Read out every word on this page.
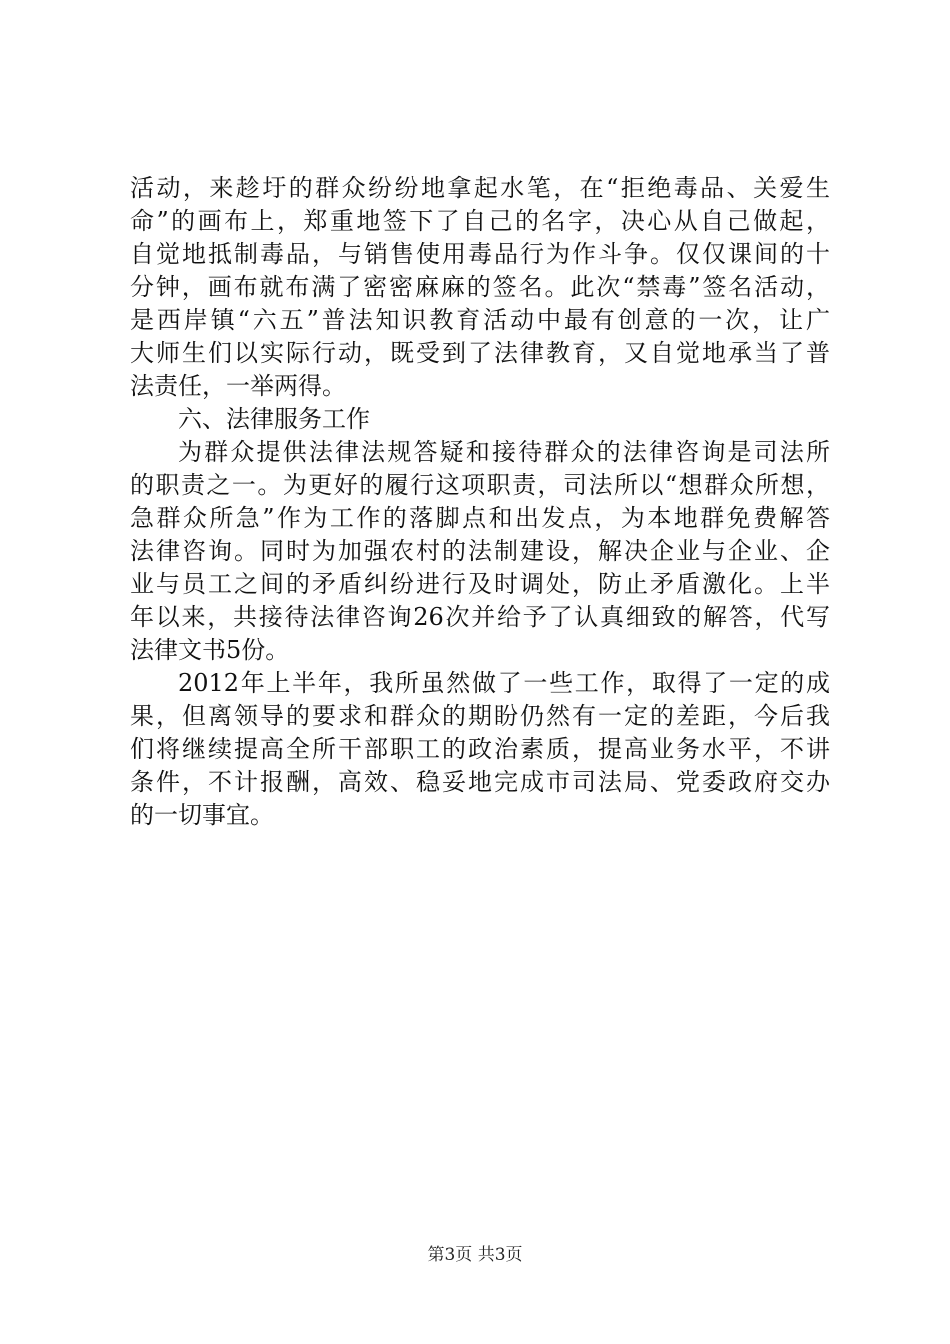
活动，来趁圩的群众纷纷地拿起水笔，在“拒绝毒品、关爱生
命”的画布上，郑重地签下了自己的名字，决心从自己做起，
自觉地抵制毒品，与销售使用毒品行为作斗争。仅仅课间的十
分钟，画布就布满了密密麻麻的签名。此次“禁毒”签名活动，
是西岸镇“六五”普法知识教育活动中最有创意的一次，让广
大师生们以实际行动，既受到了法律教育，又自觉地承当了普
法责任，一举两得。
六、法律服务工作
为群众提供法律法规答疑和接待群众的法律咨询是司法所
的职责之一。为更好的履行这项职责，司法所以“想群众所想，
急群众所急”作为工作的落脚点和出发点，为本地群免费解答
法律咨询。同时为加强农村的法制建设，解决企业与企业、企
业与员工之间的矛盾纠纷进行及时调处，防止矛盾激化。上半
年以来，共接待法律咨询26次并给予了认真细致的解答，代写
法律文书5份。
2012年上半年，我所虽然做了一些工作，取得了一定的成
果，但离领导的要求和群众的期盼仍然有一定的差距，今后我
们将继续提高全所干部职工的政治素质，提高业务水平，不讲
条件，不计报酬，高效、稳妥地完成市司法局、党委政府交办
的一切事宜。
第3页 共3页
